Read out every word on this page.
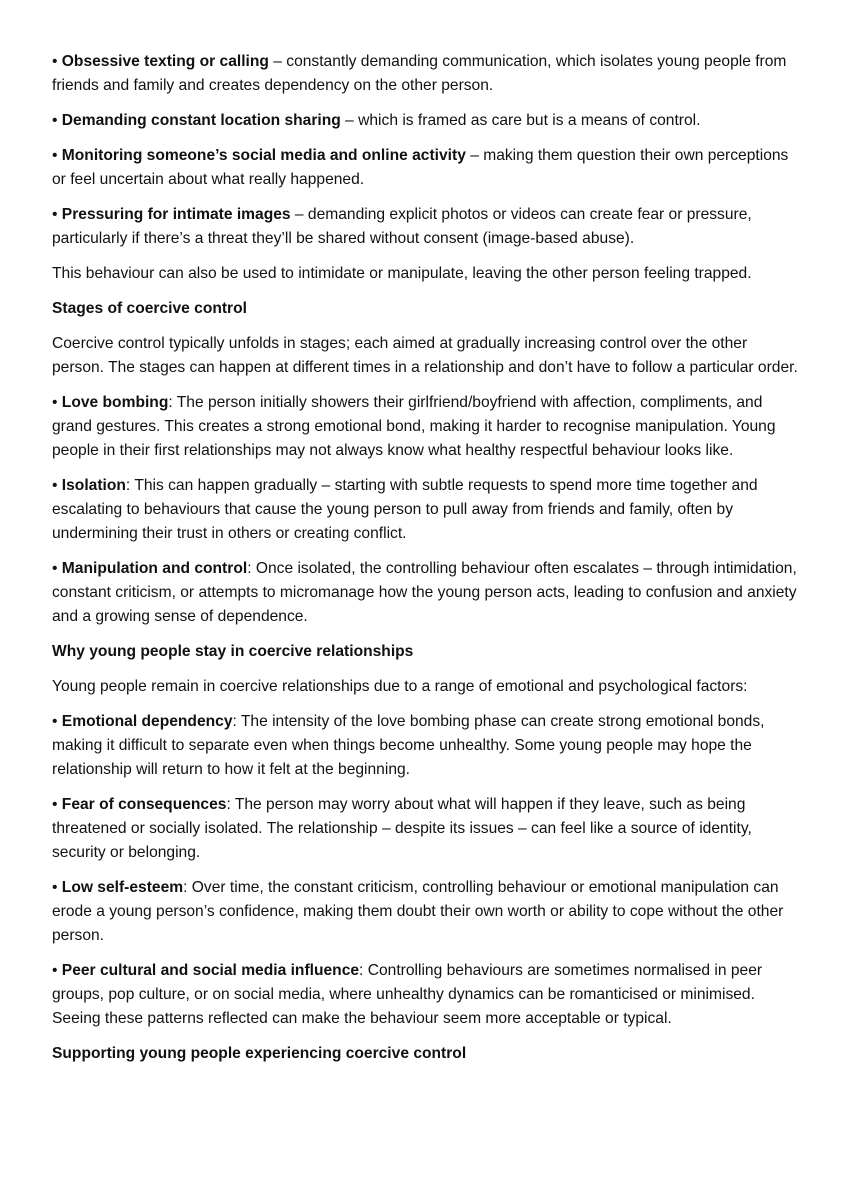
• Obsessive texting or calling – constantly demanding communication, which isolates young people from friends and family and creates dependency on the other person.

• Demanding constant location sharing – which is framed as care but is a means of control.

• Monitoring someone’s social media and online activity – making them question their own perceptions or feel uncertain about what really happened.

• Pressuring for intimate images – demanding explicit photos or videos can create fear or pressure, particularly if there’s a threat they’ll be shared without consent (image-based abuse).

This behaviour can also be used to intimidate or manipulate, leaving the other person feeling trapped.

Stages of coercive control

Coercive control typically unfolds in stages; each aimed at gradually increasing control over the other person. The stages can happen at different times in a relationship and don’t have to follow a particular order.

• Love bombing: The person initially showers their girlfriend/boyfriend with affection, compliments, and grand gestures. This creates a strong emotional bond, making it harder to recognise manipulation. Young people in their first relationships may not always know what healthy respectful behaviour looks like.

• Isolation: This can happen gradually – starting with subtle requests to spend more time together and escalating to behaviours that cause the young person to pull away from friends and family, often by undermining their trust in others or creating conflict.

• Manipulation and control: Once isolated, the controlling behaviour often escalates – through intimidation, constant criticism, or attempts to micromanage how the young person acts, leading to confusion and anxiety and a growing sense of dependence.

Why young people stay in coercive relationships

Young people remain in coercive relationships due to a range of emotional and psychological factors:

• Emotional dependency: The intensity of the love bombing phase can create strong emotional bonds, making it difficult to separate even when things become unhealthy. Some young people may hope the relationship will return to how it felt at the beginning.

• Fear of consequences: The person may worry about what will happen if they leave, such as being threatened or socially isolated. The relationship – despite its issues – can feel like a source of identity, security or belonging.

• Low self-esteem: Over time, the constant criticism, controlling behaviour or emotional manipulation can erode a young person’s confidence, making them doubt their own worth or ability to cope without the other person.

• Peer cultural and social media influence: Controlling behaviours are sometimes normalised in peer groups, pop culture, or on social media, where unhealthy dynamics can be romanticised or minimised. Seeing these patterns reflected can make the behaviour seem more acceptable or typical.

Supporting young people experiencing coercive control
